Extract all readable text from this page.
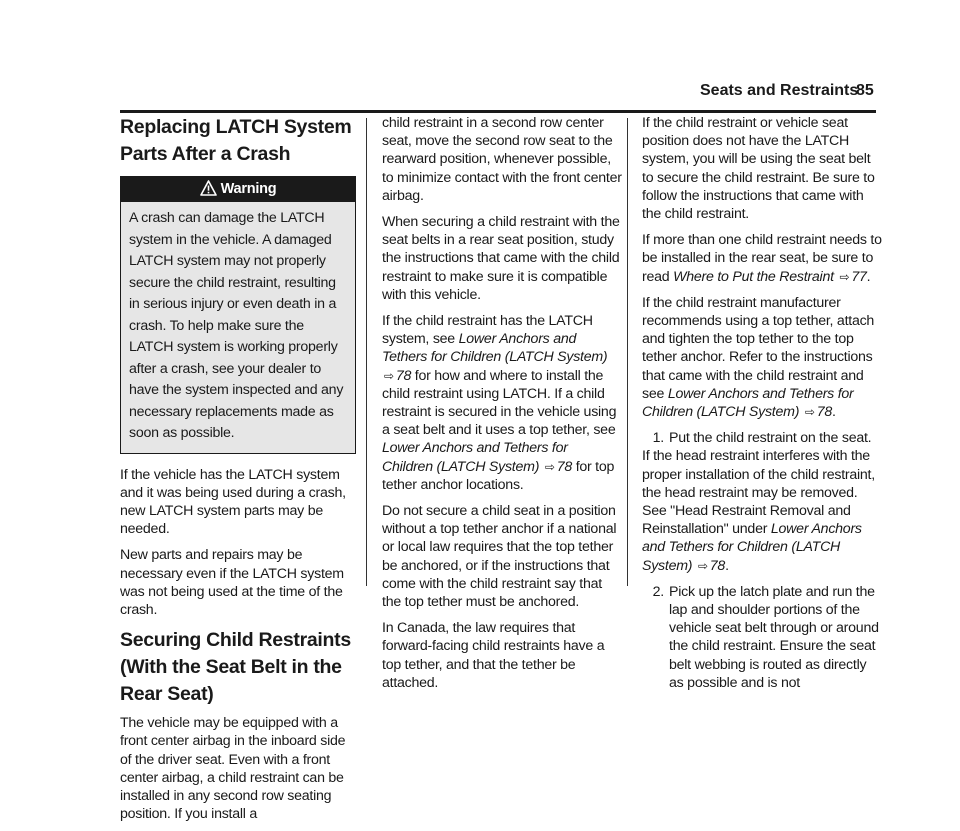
Seats and Restraints
85
Replacing LATCH System Parts After a Crash
Warning
A crash can damage the LATCH system in the vehicle. A damaged LATCH system may not properly secure the child restraint, resulting in serious injury or even death in a crash. To help make sure the LATCH system is working properly after a crash, see your dealer to have the system inspected and any necessary replacements made as soon as possible.

If the vehicle has the LATCH system and it was being used during a crash, new LATCH system parts may be needed.

New parts and repairs may be necessary even if the LATCH system was not being used at the time of the crash.

Securing Child Restraints (With the Seat Belt in the Rear Seat)

The vehicle may be equipped with a front center airbag in the inboard side of the driver seat. Even with a front center airbag, a child restraint can be installed in any second row seating position. If you install a

child restraint in a second row center seat, move the second row seat to the rearward position, whenever possible, to minimize contact with the front center airbag.

When securing a child restraint with the seat belts in a rear seat position, study the instructions that came with the child restraint to make sure it is compatible with this vehicle.

If the child restraint has the LATCH system, see Lower Anchors and Tethers for Children (LATCH System) ⇨ 78 for how and where to install the child restraint using LATCH. If a child restraint is secured in the vehicle using a seat belt and it uses a top tether, see Lower Anchors and Tethers for Children (LATCH System) ⇨ 78 for top tether anchor locations.

Do not secure a child seat in a position without a top tether anchor if a national or local law requires that the top tether be anchored, or if the instructions that come with the child restraint say that the top tether must be anchored.

In Canada, the law requires that forward-facing child restraints have a top tether, and that the tether be attached.

If the child restraint or vehicle seat position does not have the LATCH system, you will be using the seat belt to secure the child restraint. Be sure to follow the instructions that came with the child restraint.

If more than one child restraint needs to be installed in the rear seat, be sure to read Where to Put the Restraint ⇨ 77.

If the child restraint manufacturer recommends using a top tether, attach and tighten the top tether to the top tether anchor. Refer to the instructions that came with the child restraint and see Lower Anchors and Tethers for Children (LATCH System) ⇨ 78.

1. Put the child restraint on the seat.

If the head restraint interferes with the proper installation of the child restraint, the head restraint may be removed. See "Head Restraint Removal and Reinstallation" under Lower Anchors and Tethers for Children (LATCH System) ⇨ 78.

2. Pick up the latch plate and run the lap and shoulder portions of the vehicle seat belt through or around the child restraint. Ensure the seat belt webbing is routed as directly as possible and is not
